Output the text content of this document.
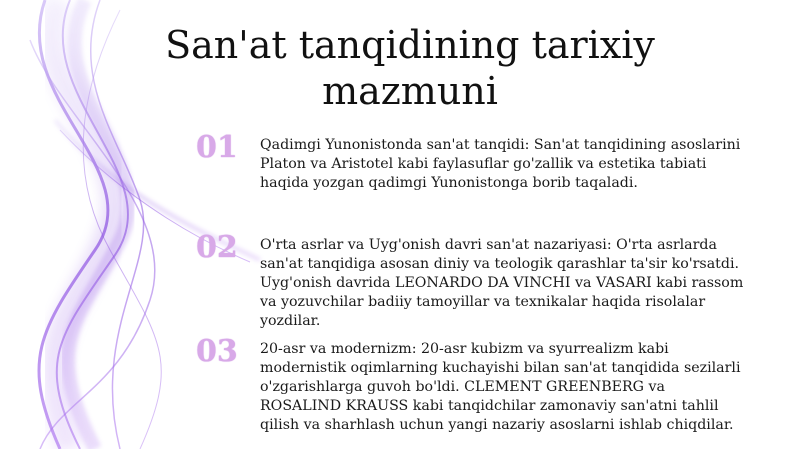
San'at tanqidining tarixiy mazmuni
01	Qadimgi Yunonistonda san'at tanqidi: San'at tanqidining asoslarini Platon va Aristotel kabi faylasuflar go'zallik va estetika tabiati haqida yozgan qadimgi Yunonistonga borib taqaladi.
02	O'rta asrlar va Uyg'onish davri san'at nazariyasi: O'rta asrlarda san'at tanqidiga asosan diniy va teologik qarashlar ta'sir ko'rsatdi. Uyg'onish davrida LEONARDO DA VINCHI va VASARI kabi rassom va yozuvchilar badiiy tamoyillar va texnikalar haqida risolalar yozdilar.
03	20-asr va modernizm: 20-asr kubizm va syurrealizm kabi modernistik oqimlarning kuchayishi bilan san'at tanqidida sezilarli o'zgarishlarga guvoh bo'ldi. CLEMENT GREENBERG va ROSALIND KRAUSS kabi tanqidchilar zamonaviy san'atni tahlil qilish va sharhlash uchun yangi nazariy asoslarni ishlab chiqdilar.
